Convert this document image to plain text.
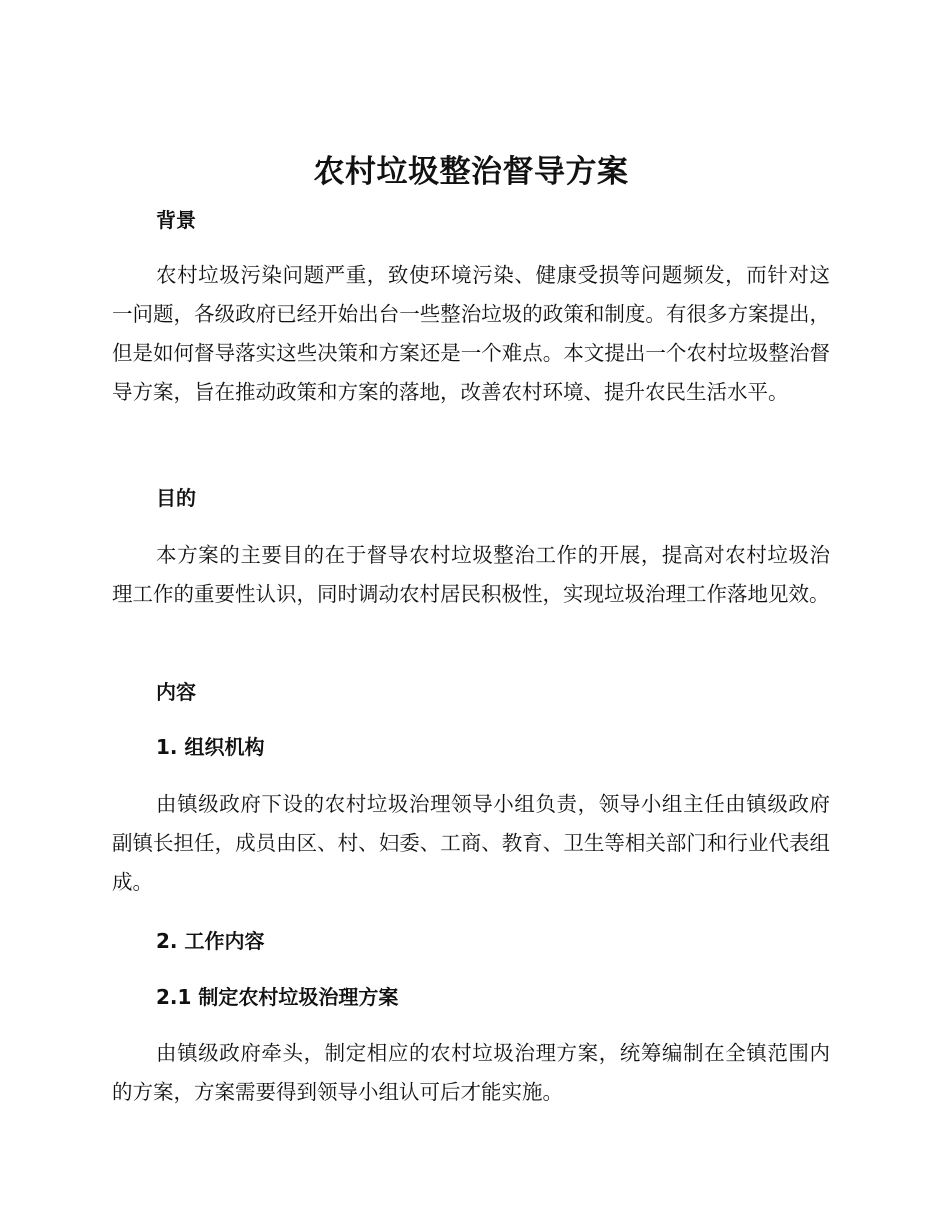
农村垃圾整治督导方案
背景

农村垃圾污染问题严重，致使环境污染、健康受损等问题频发，而针对这一问题，各级政府已经开始出台一些整治垃圾的政策和制度。有很多方案提出，但是如何督导落实这些决策和方案还是一个难点。本文提出一个农村垃圾整治督导方案，旨在推动政策和方案的落地，改善农村环境、提升农民生活水平。

目的

本方案的主要目的在于督导农村垃圾整治工作的开展，提高对农村垃圾治理工作的重要性认识，同时调动农村居民积极性，实现垃圾治理工作落地见效。

内容
1. 组织机构

由镇级政府下设的农村垃圾治理领导小组负责，领导小组主任由镇级政府副镇长担任，成员由区、村、妇委、工商、教育、卫生等相关部门和行业代表组成。

2. 工作内容
2.1 制定农村垃圾治理方案

由镇级政府牵头，制定相应的农村垃圾治理方案，统筹编制在全镇范围内的方案，方案需要得到领导小组认可后才能实施。
